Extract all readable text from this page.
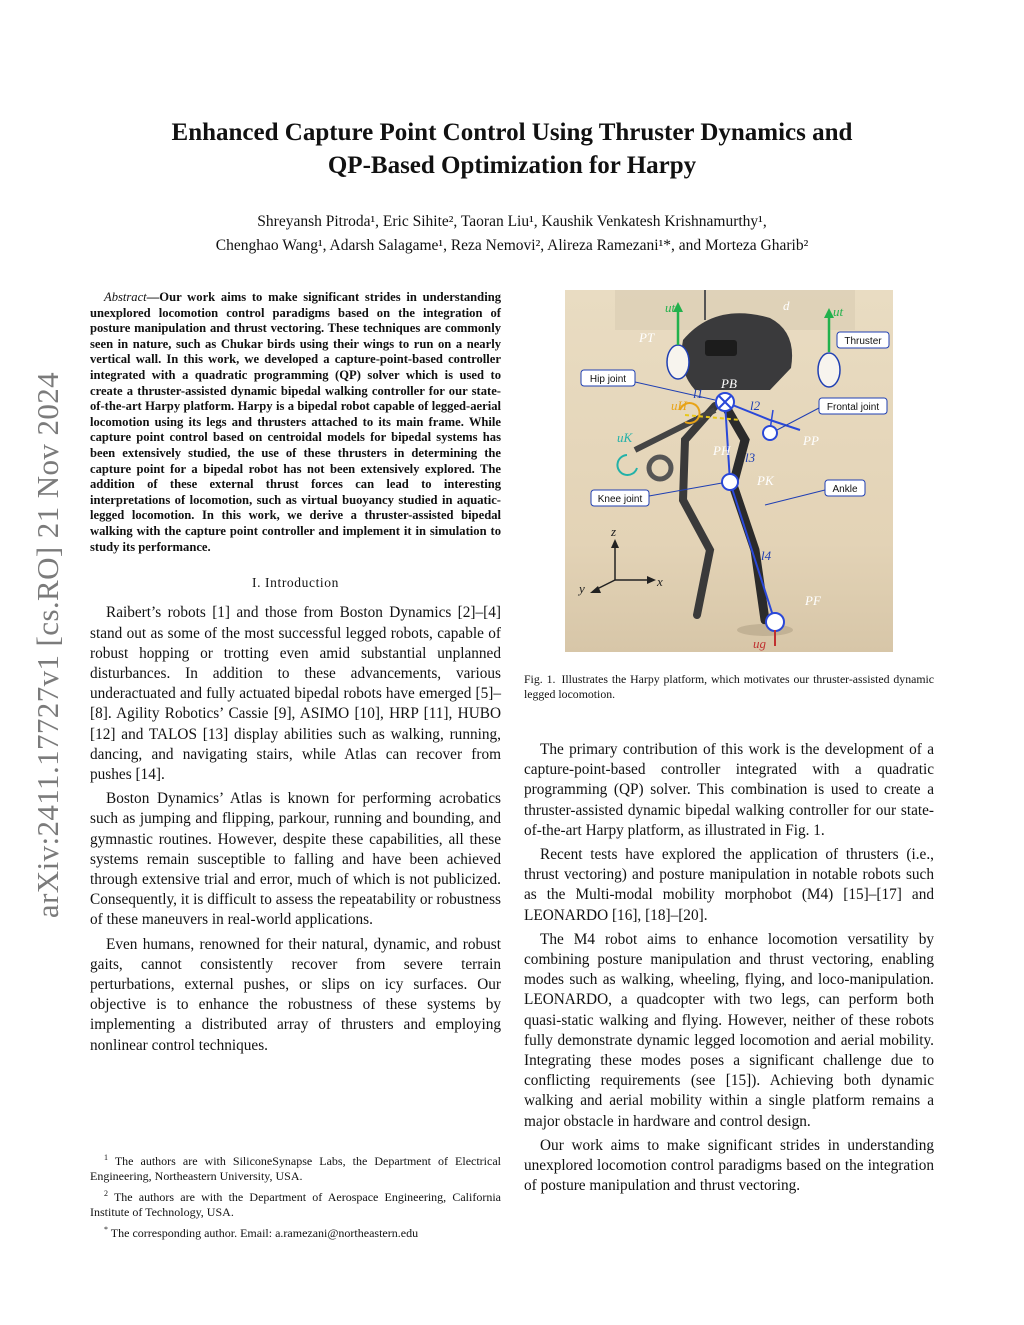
arXiv:2411.17727v1 [cs.RO] 21 Nov 2024
Enhanced Capture Point Control Using Thruster Dynamics and
QP-Based Optimization for Harpy
Shreyansh Pitroda¹, Eric Sihite², Taoran Liu¹, Kaushik Venkatesh Krishnamurthy¹,
Chenghao Wang¹, Adarsh Salagame¹, Reza Nemovi², Alireza Ramezani¹*, and Morteza Gharib²

Abstract—Our work aims to make significant strides in understanding unexplored locomotion control paradigms based on the integration of posture manipulation and thrust vectoring. These techniques are commonly seen in nature, such as Chukar birds using their wings to run on a nearly vertical wall. In this work, we developed a capture-point-based controller integrated with a quadratic programming (QP) solver which is used to create a thruster-assisted dynamic bipedal walking controller for our state-of-the-art Harpy platform. Harpy is a bipedal robot capable of legged-aerial locomotion using its legs and thrusters attached to its main frame. While capture point control based on centroidal models for bipedal systems has been extensively studied, the use of these thrusters in determining the capture point for a bipedal robot has not been extensively explored. The addition of these external thrust forces can lead to interesting interpretations of locomotion, such as virtual buoyancy studied in aquatic-legged locomotion. In this work, we derive a thruster-assisted bipedal walking with the capture point controller and implement it in simulation to study its performance.

I. Introduction

Raibert’s robots [1] and those from Boston Dynamics [2]–[4] stand out as some of the most successful legged robots, capable of robust hopping or trotting even amid substantial unplanned disturbances. In addition to these advancements, various underactuated and fully actuated bipedal robots have emerged [5]–[8]. Agility Robotics’ Cassie [9], ASIMO [10], HRP [11], HUBO [12] and TALOS [13] display abilities such as walking, running, dancing, and navigating stairs, while Atlas can recover from pushes [14].

Boston Dynamics’ Atlas is known for performing acrobatics such as jumping and flipping, parkour, running and bounding, and gymnastic routines. However, despite these capabilities, all these systems remain susceptible to falling and have been achieved through extensive trial and error, much of which is not publicized. Consequently, it is difficult to assess the repeatability or robustness of these maneuvers in real-world applications.

Even humans, renowned for their natural, dynamic, and robust gaits, cannot consistently recover from severe terrain perturbations, external pushes, or slips on icy surfaces. Our objective is to enhance the robustness of these systems by implementing a distributed array of thrusters and employing nonlinear control techniques.

$^1$ The authors are with SiliconeSynapse Labs, the Department of Electrical Engineering, Northeastern University, USA.

$^2$ The authors are with the Department of Aerospace Engineering, California Institute of Technology, USA.

* The corresponding author. Email: a.ramezani@northeastern.edu

Thruster
Hip joint
Frontal joint
Knee joint
Ankle
PT
PB
PP
PH
PK
PF
l1
l2
l3
l4
uH
uK
ut	ut
ug
d
z
y	x
Fig. 1. Illustrates the Harpy platform, which motivates our thruster-assisted dynamic legged locomotion.

The primary contribution of this work is the development of a capture-point-based controller integrated with a quadratic programming (QP) solver. This combination is used to create a thruster-assisted dynamic bipedal walking controller for our state-of-the-art Harpy platform, as illustrated in Fig. 1.

Recent tests have explored the application of thrusters (i.e., thrust vectoring) and posture manipulation in notable robots such as the Multi-modal mobility morphobot (M4) [15]–[17] and LEONARDO [16], [18]–[20].

The M4 robot aims to enhance locomotion versatility by combining posture manipulation and thrust vectoring, enabling modes such as walking, wheeling, flying, and loco-manipulation. LEONARDO, a quadcopter with two legs, can perform both quasi-static walking and flying. However, neither of these robots fully demonstrate dynamic legged locomotion and aerial mobility. Integrating these modes poses a significant challenge due to conflicting requirements (see [15]). Achieving both dynamic walking and aerial mobility within a single platform remains a major obstacle in hardware and control design.

Our work aims to make significant strides in understanding unexplored locomotion control paradigms based on the integration of posture manipulation and thrust vectoring.
